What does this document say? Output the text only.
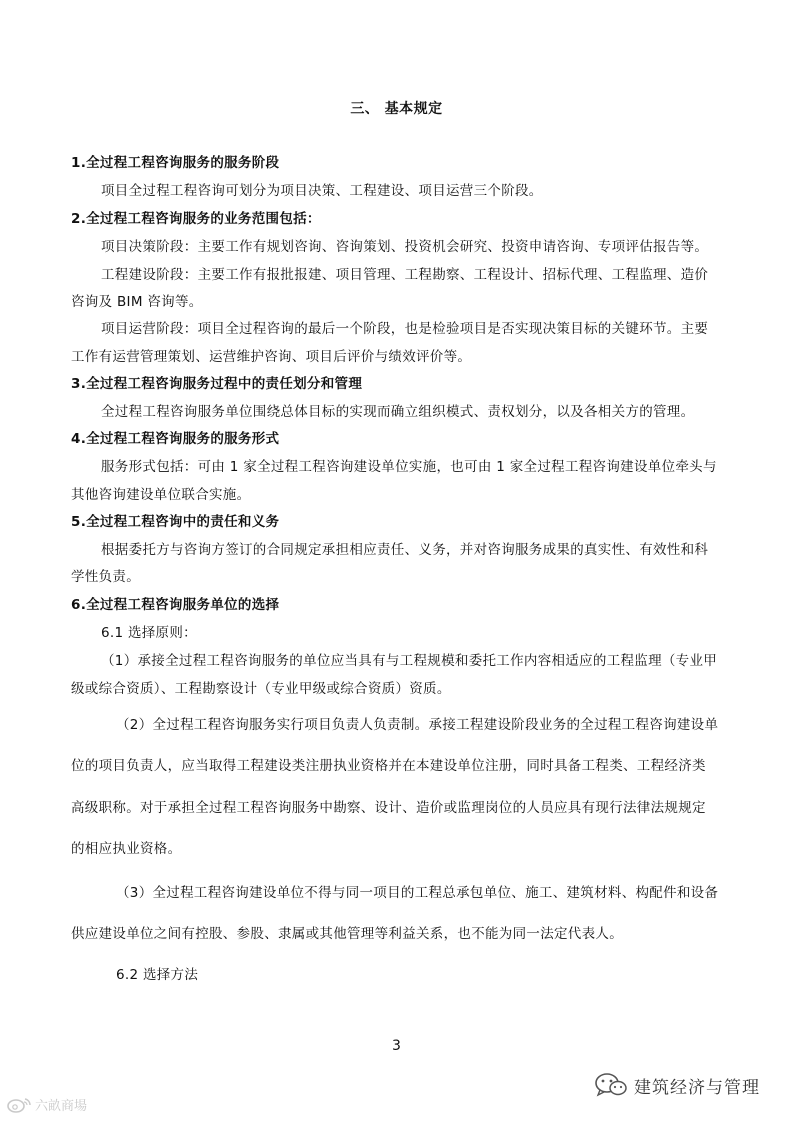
三、 基本规定
1.全过程工程咨询服务的服务阶段
项目全过程工程咨询可划分为项目决策、工程建设、项目运营三个阶段。
2.全过程工程咨询服务的业务范围包括：
项目决策阶段：主要工作有规划咨询、咨询策划、投资机会研究、投资申请咨询、专项评估报告等。
工程建设阶段：主要工作有报批报建、项目管理、工程勘察、工程设计、招标代理、工程监理、造价
咨询及 BIM 咨询等。
项目运营阶段：项目全过程咨询的最后一个阶段，也是检验项目是否实现决策目标的关键环节。主要
工作有运营管理策划、运营维护咨询、项目后评价与绩效评价等。
3.全过程工程咨询服务过程中的责任划分和管理
全过程工程咨询服务单位围绕总体目标的实现而确立组织模式、责权划分，以及各相关方的管理。
4.全过程工程咨询服务的服务形式
服务形式包括：可由 1 家全过程工程咨询建设单位实施，也可由 1 家全过程工程咨询建设单位牵头与
其他咨询建设单位联合实施。
5.全过程工程咨询中的责任和义务
根据委托方与咨询方签订的合同规定承担相应责任、义务，并对咨询服务成果的真实性、有效性和科
学性负责。
6.全过程工程咨询服务单位的选择
6.1 选择原则：
（1）承接全过程工程咨询服务的单位应当具有与工程规模和委托工作内容相适应的工程监理（专业甲
级或综合资质）、工程勘察设计（专业甲级或综合资质）资质。
（2）全过程工程咨询服务实行项目负责人负责制。承接工程建设阶段业务的全过程工程咨询建设单
位的项目负责人，应当取得工程建设类注册执业资格并在本建设单位注册，同时具备工程类、工程经济类
高级职称。对于承担全过程工程咨询服务中勘察、设计、造价或监理岗位的人员应具有现行法律法规规定
的相应执业资格。
（3）全过程工程咨询建设单位不得与同一项目的工程总承包单位、施工、建筑材料、构配件和设备
供应建设单位之间有控股、参股、隶属或其他管理等利益关系，也不能为同一法定代表人。
6.2 选择方法
3
六畝商場
建筑经济与管理
